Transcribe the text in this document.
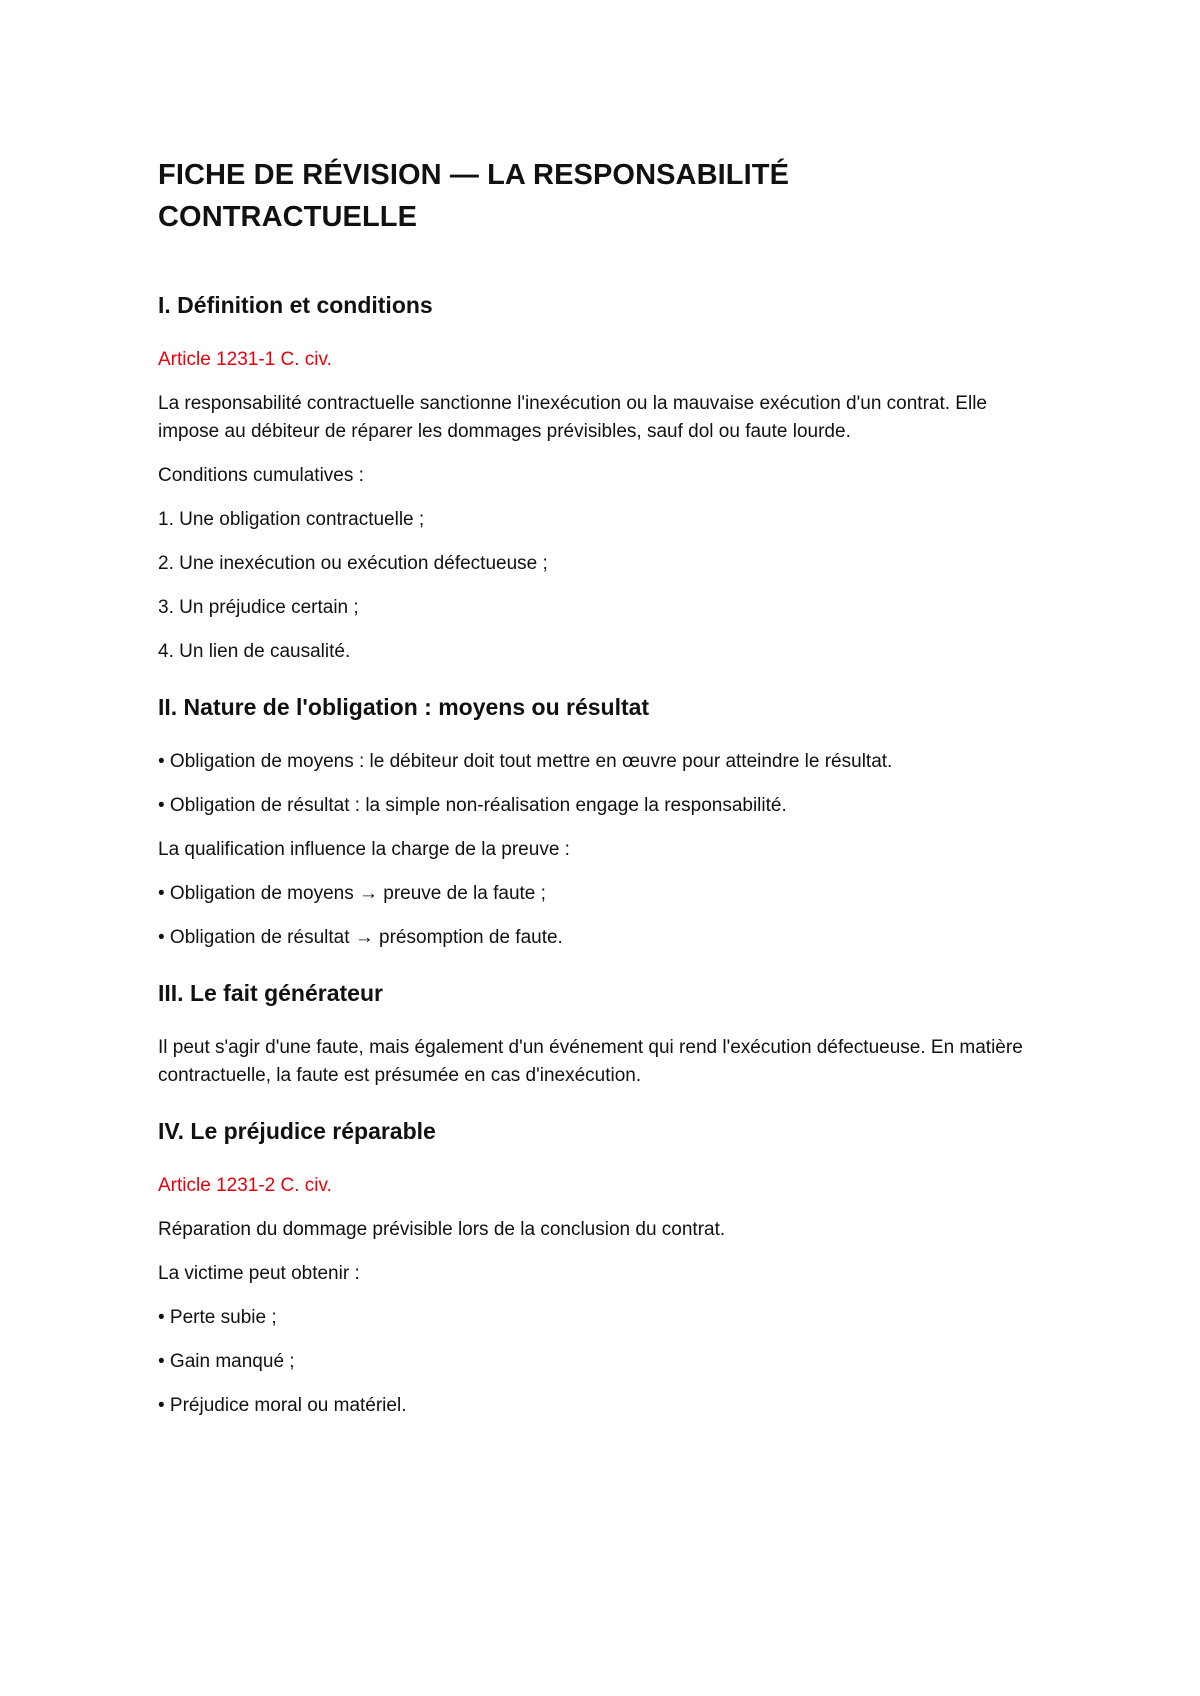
FICHE DE RÉVISION — LA RESPONSABILITÉ CONTRACTUELLE
I. Définition et conditions

Article 1231-1 C. civ.

La responsabilité contractuelle sanctionne l'inexécution ou la mauvaise exécution d'un contrat. Elle impose au débiteur de réparer les dommages prévisibles, sauf dol ou faute lourde.

Conditions cumulatives :

1. Une obligation contractuelle ;

2. Une inexécution ou exécution défectueuse ;

3. Un préjudice certain ;

4. Un lien de causalité.

II. Nature de l'obligation : moyens ou résultat

• Obligation de moyens : le débiteur doit tout mettre en œuvre pour atteindre le résultat.

• Obligation de résultat : la simple non-réalisation engage la responsabilité.

La qualification influence la charge de la preuve :

• Obligation de moyens → preuve de la faute ;

• Obligation de résultat → présomption de faute.

III. Le fait générateur

Il peut s'agir d'une faute, mais également d'un événement qui rend l'exécution défectueuse. En matière contractuelle, la faute est présumée en cas d'inexécution.

IV. Le préjudice réparable

Article 1231-2 C. civ.

Réparation du dommage prévisible lors de la conclusion du contrat.

La victime peut obtenir :

• Perte subie ;

• Gain manqué ;

• Préjudice moral ou matériel.
